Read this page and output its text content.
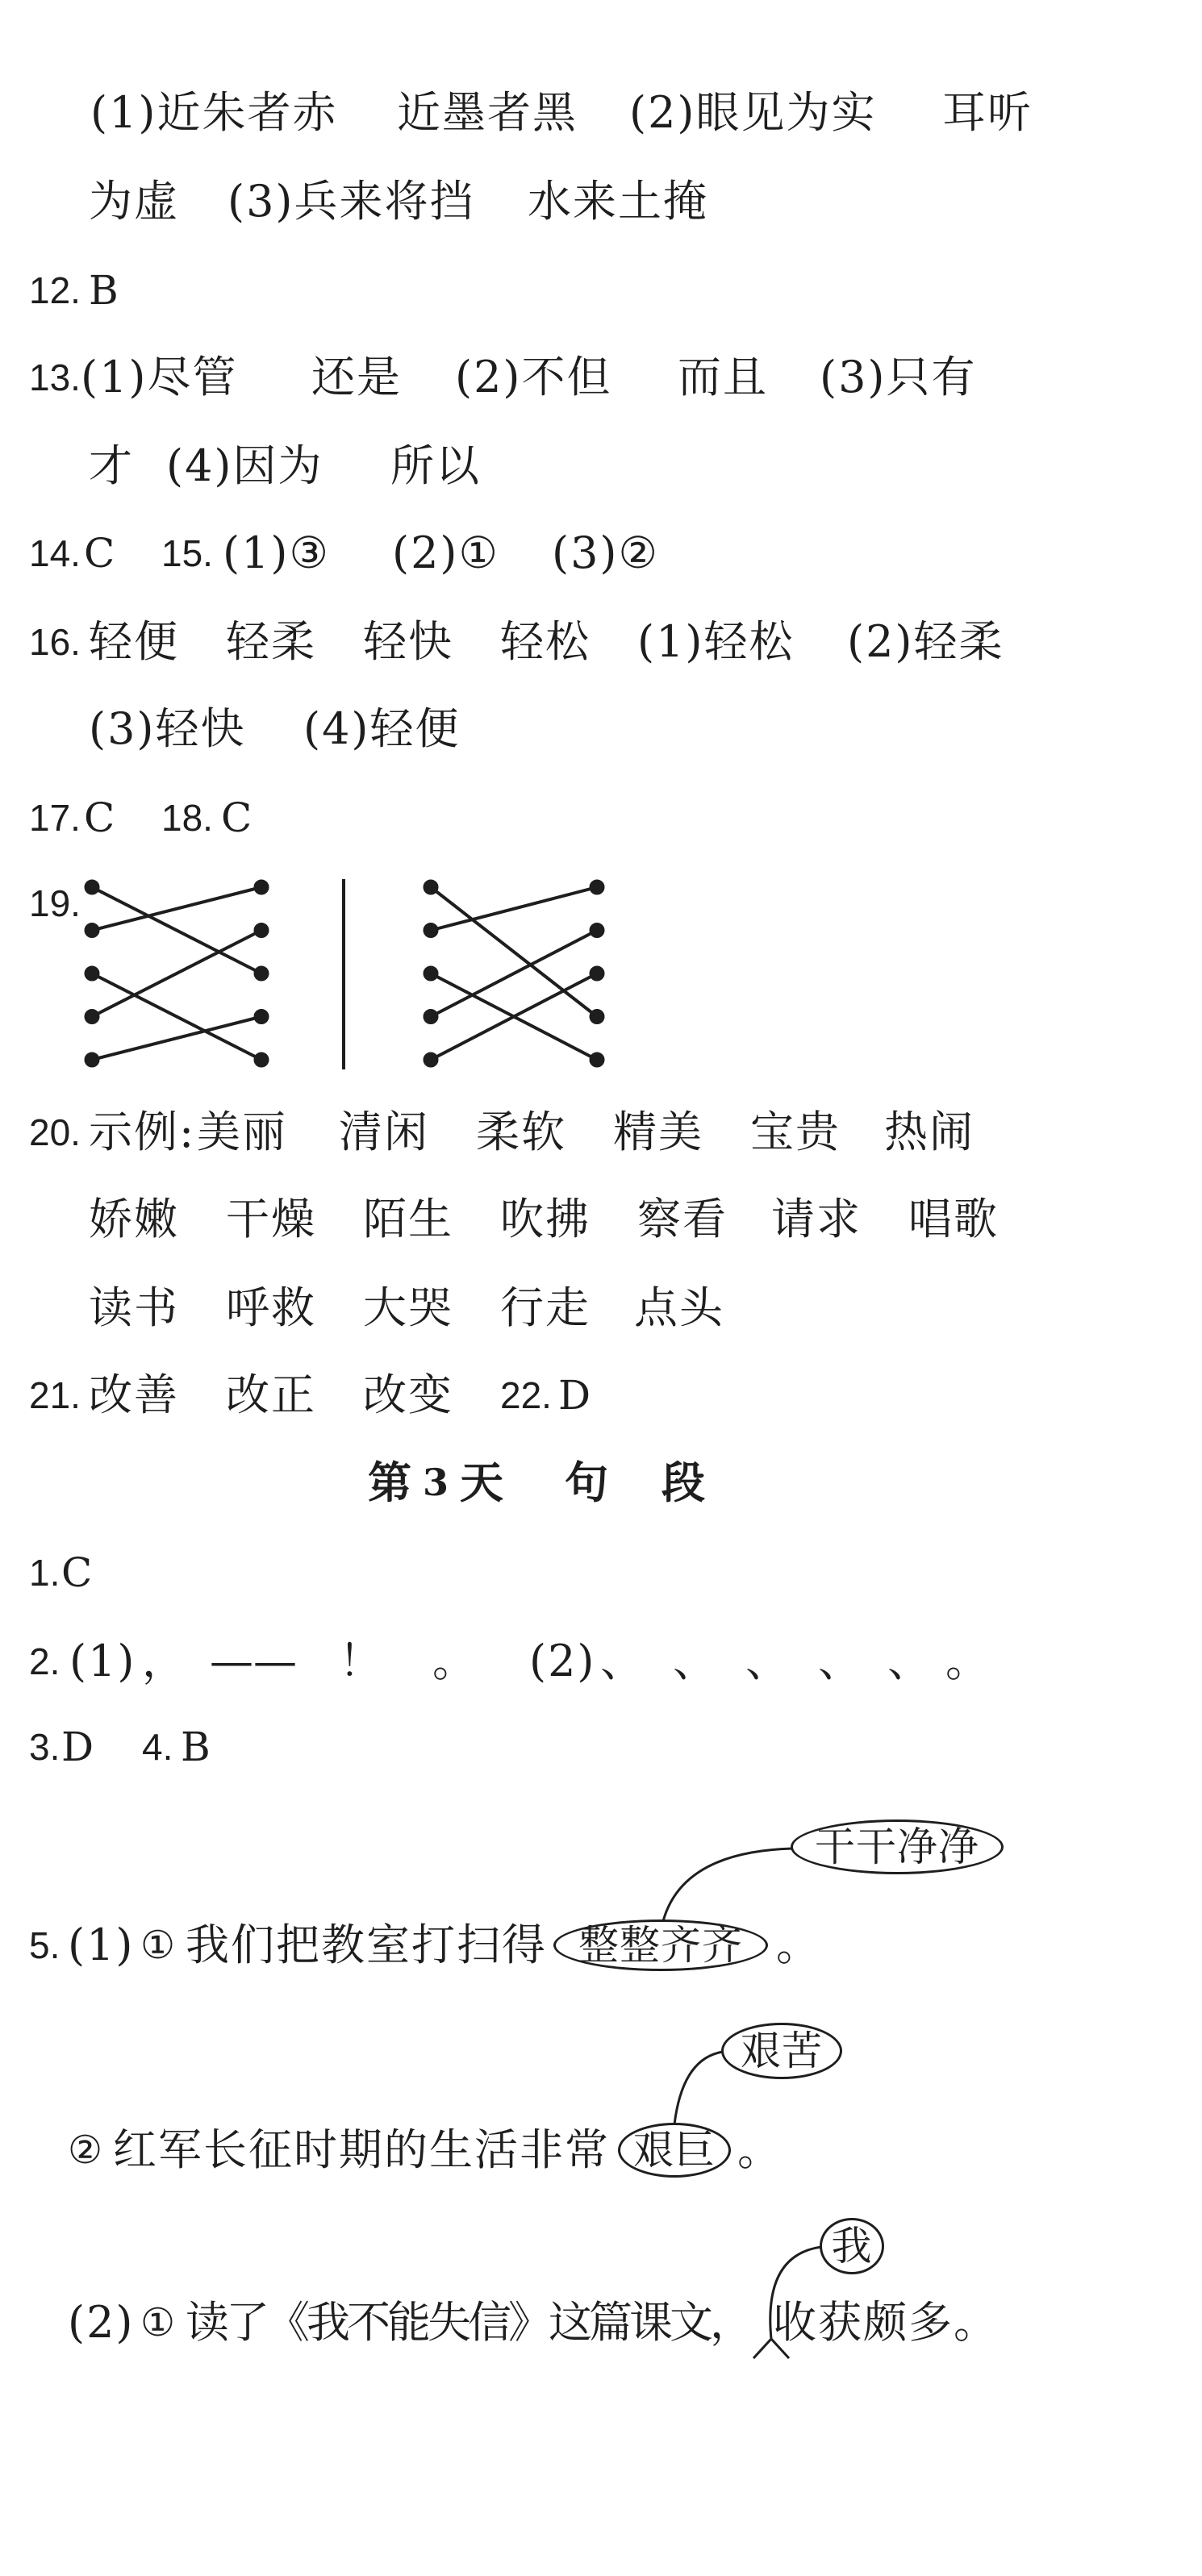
(1)近朱者赤 近墨者黑 (2)眼见为实 耳听
为虚 (3)兵来将挡 水来土掩
12. B
13. (1)尽管 还是 (2)不但 而且 (3)只有
才 (4)因为 所以
14. C 15. (1)③ (2)① (3)②
16. 轻便 轻柔 轻快 轻松 (1)轻松 (2)轻柔
(3)轻快 (4)轻便
17. C 18. C
19.
20. 示例: 美丽 清闲 柔软 精美 宝贵 热闹
娇嫩 干燥 陌生 吹拂 察看 请求 唱歌
读书 呼救 大哭 行走 点头
21. 改善 改正 改变 22. D
第 3 天 句 段
1. C
2. (1) ， —— ！ 。 (2) 、 、 、 、 、 。
3. D 4. B
5. (1) ① 我们把教室打扫得	。
整整齐齐
干干净净
② 红军长征时期的生活非常	。
艰巨
艰苦
(2) ① 读了《我不能失信》这篇课文， 收获颇多。
我
